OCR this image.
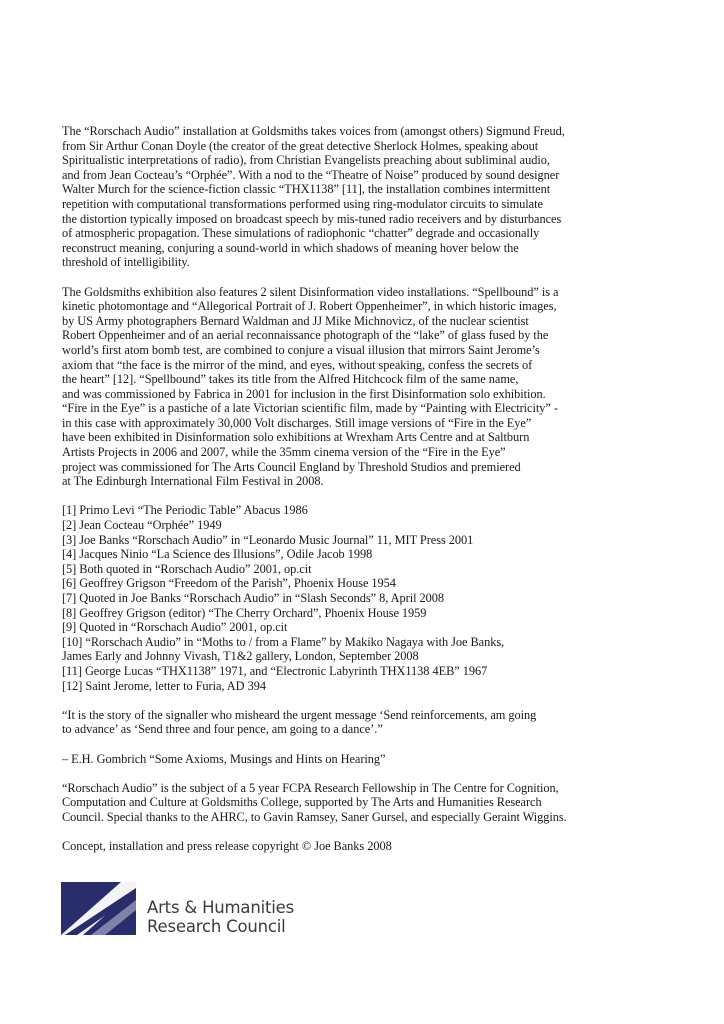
The “Rorschach Audio” installation at Goldsmiths takes voices from (amongst others) Sigmund Freud,
from Sir Arthur Conan Doyle (the creator of the great detective Sherlock Holmes, speaking about
Spiritualistic interpretations of radio), from Christian Evangelists preaching about subliminal audio,
and from Jean Cocteau’s “Orphée”. With a nod to the “Theatre of Noise” produced by sound designer
Walter Murch for the science-fiction classic “THX1138” [11], the installation combines intermittent
repetition with computational transformations performed using ring-modulator circuits to simulate
the distortion typically imposed on broadcast speech by mis-tuned radio receivers and by disturbances
of atmospheric propagation. These simulations of radiophonic “chatter” degrade and occasionally
reconstruct meaning, conjuring a sound-world in which shadows of meaning hover below the
threshold of intelligibility.

The Goldsmiths exhibition also features 2 silent Disinformation video installations. “Spellbound” is a
kinetic photomontage and “Allegorical Portrait of J. Robert Oppenheimer”, in which historic images,
by US Army photographers Bernard Waldman and JJ Mike Michnovicz, of the nuclear scientist
Robert Oppenheimer and of an aerial reconnaissance photograph of the “lake” of glass fused by the
world’s first atom bomb test, are combined to conjure a visual illusion that mirrors Saint Jerome’s
axiom that “the face is the mirror of the mind, and eyes, without speaking, confess the secrets of
the heart” [12]. “Spellbound” takes its title from the Alfred Hitchcock film of the same name,
and was commissioned by Fabrica in 2001 for inclusion in the first Disinformation solo exhibition.
“Fire in the Eye” is a pastiche of a late Victorian scientific film, made by “Painting with Electricity” -
in this case with approximately 30,000 Volt discharges. Still image versions of “Fire in the Eye”
have been exhibited in Disinformation solo exhibitions at Wrexham Arts Centre and at Saltburn
Artists Projects in 2006 and 2007, while the 35mm cinema version of the “Fire in the Eye”
project was commissioned for The Arts Council England by Threshold Studios and premiered
at The Edinburgh International Film Festival in 2008.

[1] Primo Levi “The Periodic Table” Abacus 1986
[2] Jean Cocteau “Orphée” 1949
[3] Joe Banks “Rorschach Audio” in “Leonardo Music Journal” 11, MIT Press 2001
[4] Jacques Ninio “La Science des Illusions”, Odile Jacob 1998
[5] Both quoted in “Rorschach Audio” 2001, op.cit
[6] Geoffrey Grigson “Freedom of the Parish”, Phoenix House 1954
[7] Quoted in Joe Banks “Rorschach Audio” in “Slash Seconds” 8, April 2008
[8] Geoffrey Grigson (editor) “The Cherry Orchard”, Phoenix House 1959
[9] Quoted in “Rorschach Audio” 2001, op.cit
[10] “Rorschach Audio” in “Moths to / from a Flame” by Makiko Nagaya with Joe Banks,
James Early and Johnny Vivash, T1&2 gallery, London, September 2008
[11] George Lucas “THX1138” 1971, and “Electronic Labyrinth THX1138 4EB” 1967
[12] Saint Jerome, letter to Furia, AD 394

“It is the story of the signaller who misheard the urgent message ‘Send reinforcements, am going
to advance’ as ‘Send three and four pence, am going to a dance’.”

– E.H. Gombrich “Some Axioms, Musings and Hints on Hearing”

“Rorschach Audio” is the subject of a 5 year FCPA Research Fellowship in The Centre for Cognition,
Computation and Culture at Goldsmiths College, supported by The Arts and Humanities Research
Council. Special thanks to the AHRC, to Gavin Ramsey, Saner Gursel, and especially Geraint Wiggins.

Concept, installation and press release copyright © Joe Banks 2008

Arts & Humanities
Research Council
